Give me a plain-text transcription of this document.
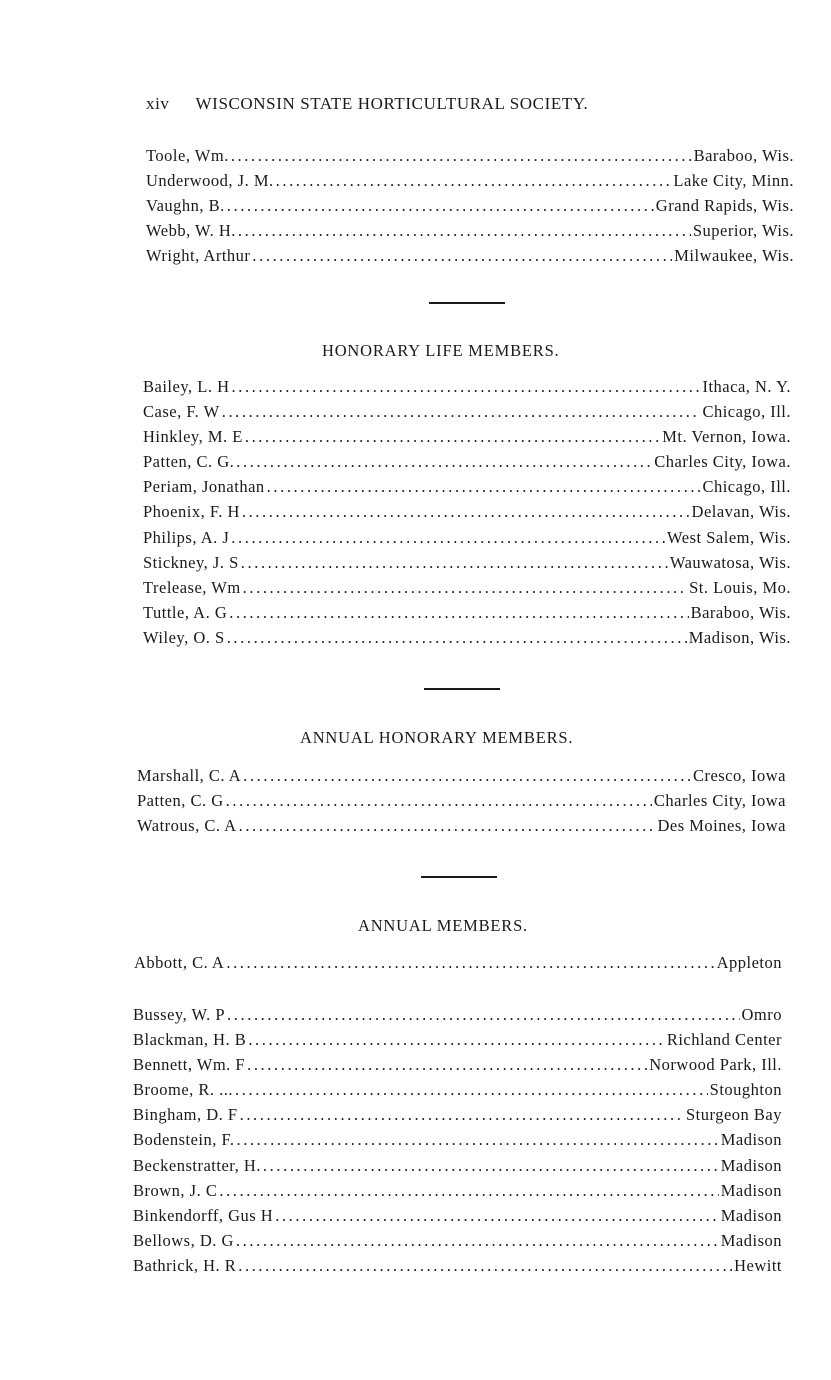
xiv WISCONSIN STATE HORTICULTURAL SOCIETY.
Toole, Wm. .....	Baraboo, Wis.
Underwood, J. M. .....	Lake City, Minn.
Vaughn, B. .....	Grand Rapids, Wis.
Webb, W. H. .....	Superior, Wis.
Wright, Arthur .....	Milwaukee, Wis.
HONORARY LIFE MEMBERS.
Bailey, L. H .....	Ithaca, N. Y.
Case, F. W .....	Chicago, Ill.
Hinkley, M. E .....	Mt. Vernon, Iowa.
Patten, C. G. .....	Charles City, Iowa.
Periam, Jonathan .....	Chicago, Ill.
Phoenix, F. H .....	Delavan, Wis.
Philips, A. J .....	West Salem, Wis.
Stickney, J. S .....	Wauwatosa, Wis.
Trelease, Wm .....	St. Louis, Mo.
Tuttle, A. G .....	Baraboo, Wis.
Wiley, O. S .....	Madison, Wis.
ANNUAL HONORARY MEMBERS.
Marshall, C. A .....	Cresco, Iowa
Patten, C. G .....	Charles City, Iowa
Watrous, C. A .....	Des Moines, Iowa
ANNUAL MEMBERS.
Abbott, C. A .....	Appleton
Bussey, W. P .....	Omro
Blackman, H. B .....	Richland Center
Bennett, Wm. F .....	Norwood Park, Ill.
Broome, R. ... .....	Stoughton
Bingham, D. F .....	Sturgeon Bay
Bodenstein, F. .....	Madison
Beckenstratter, H. .....	Madison
Brown, J. C .....	Madison
Binkendorff, Gus H .....	Madison
Bellows, D. G .....	Madison
Bathrick, H. R .....	Hewitt
